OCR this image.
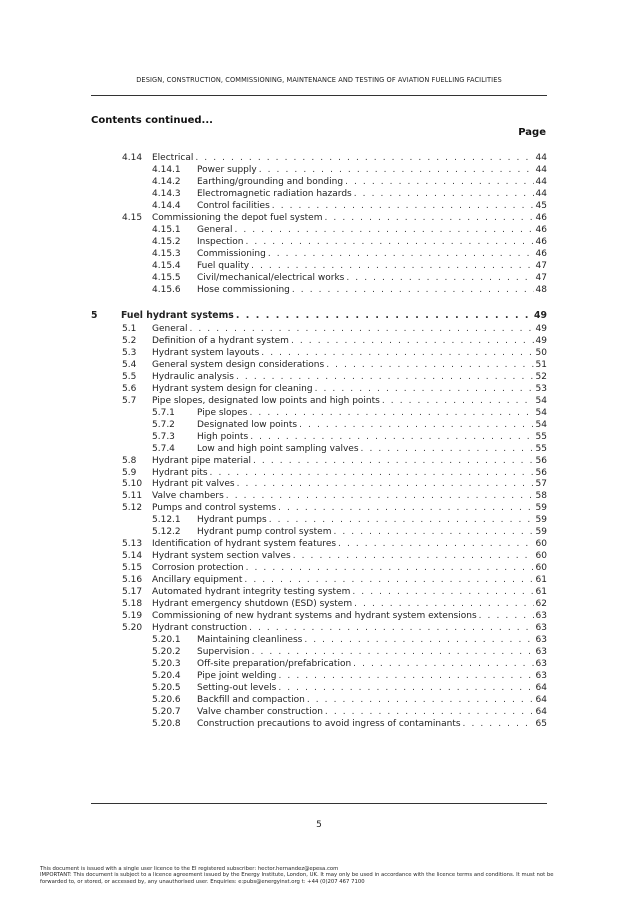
DESIGN, CONSTRUCTION, COMMISSIONING, MAINTENANCE AND TESTING OF AVIATION FUELLING FACILITIES
Contents continued...
Page
4.14 Electrical . . .	44
4.14.1 Power supply . . .	44
4.14.2 Earthing/grounding and bonding . . .	44
4.14.3 Electromagnetic radiation hazards . . .	44
4.14.4 Control facilities . . .	45
4.15 Commissioning the depot fuel system . . .	46
4.15.1 General . . .	46
4.15.2 Inspection . . .	46
4.15.3 Commissioning . . .	46
4.15.4 Fuel quality . . .	47
4.15.5 Civil/mechanical/electrical works . . .	47
4.15.6 Hose commissioning . . .	48
5	Fuel hydrant systems . . .	49
5.1 General . . .	49
5.2 Definition of a hydrant system . . .	49
5.3 Hydrant system layouts . . .	50
5.4 General system design considerations . . .	51
5.5 Hydraulic analysis . . .	52
5.6 Hydrant system design for cleaning . . .	53
5.7 Pipe slopes, designated low points and high points . . .	54
5.7.1 Pipe slopes . . .	54
5.7.2 Designated low points . . .	54
5.7.3 High points . . .	55
5.7.4 Low and high point sampling valves . . .	55
5.8 Hydrant pipe material . . .	56
5.9 Hydrant pits . . .	56
5.10 Hydrant pit valves . . .	57
5.11 Valve chambers . . .	58
5.12 Pumps and control systems . . .	59
5.12.1 Hydrant pumps . . .	59
5.12.2 Hydrant pump control system . . .	59
5.13 Identification of hydrant system features . . .	60
5.14 Hydrant system section valves . . .	60
5.15 Corrosion protection . . .	60
5.16 Ancillary equipment . . .	61
5.17 Automated hydrant integrity testing system . . .	61
5.18 Hydrant emergency shutdown (ESD) system . . .	62
5.19 Commissioning of new hydrant systems and hydrant system extensions . . .	63
5.20 Hydrant construction . . .	63
5.20.1 Maintaining cleanliness . . .	63
5.20.2 Supervision . . .	63
5.20.3 Off-site preparation/prefabrication . . .	63
5.20.4 Pipe joint welding . . .	63
5.20.5 Setting-out levels . . .	64
5.20.6 Backfill and compaction . . .	64
5.20.7 Valve chamber construction . . .	64
5.20.8 Construction precautions to avoid ingress of contaminants . . .	65
5
This document is issued with a single user licence to the EI registered subscriber: hector.hernandez@epesa.com
IMPORTANT: This document is subject to a licence agreement issued by the Energy Institute, London, UK. It may only be used in accordance with the licence terms and conditions. It must not be
forwarded to, or stored, or accessed by, any unauthorised user. Enquiries: e:pubs@energyinst.org t: +44 (0)207 467 7100
